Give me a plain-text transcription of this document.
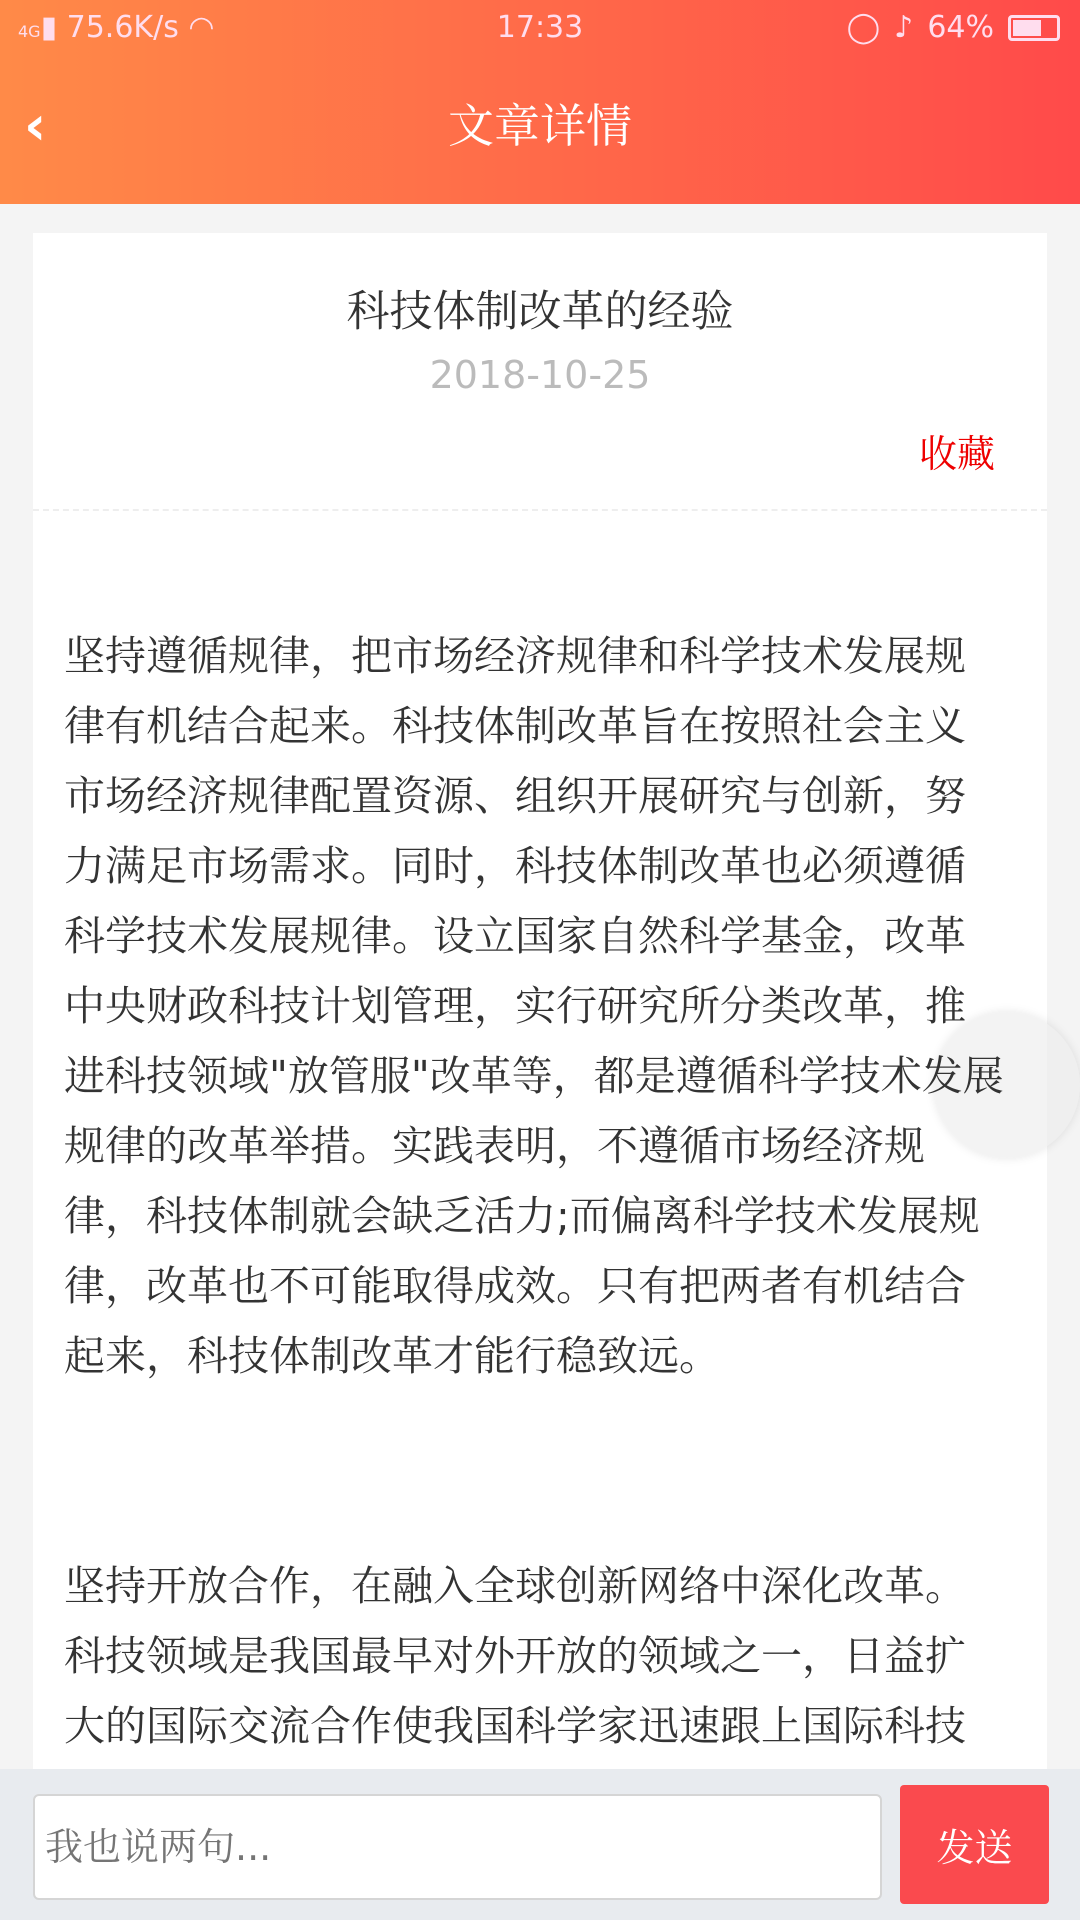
4G▮ 75.6K/s ◠	17:33	◯ ♪ 64%
‹	文章详情
科技体制改革的经验
2018-10-25
收藏
坚持遵循规律，把市场经济规律和科学技术发展规
律有机结合起来。科技体制改革旨在按照社会主义
市场经济规律配置资源、组织开展研究与创新，努
力满足市场需求。同时，科技体制改革也必须遵循
科学技术发展规律。设立国家自然科学基金，改革
中央财政科技计划管理，实行研究所分类改革，推
进科技领域"放管服"改革等，都是遵循科学技术发展
规律的改革举措。实践表明，不遵循市场经济规
律，科技体制就会缺乏活力;而偏离科学技术发展规
律，改革也不可能取得成效。只有把两者有机结合
起来，科技体制改革才能行稳致远。
坚持开放合作，在融入全球创新网络中深化改革。
科技领域是我国最早对外开放的领域之一，日益扩
大的国际交流合作使我国科学家迅速跟上国际科技
我也说两句...
发送
